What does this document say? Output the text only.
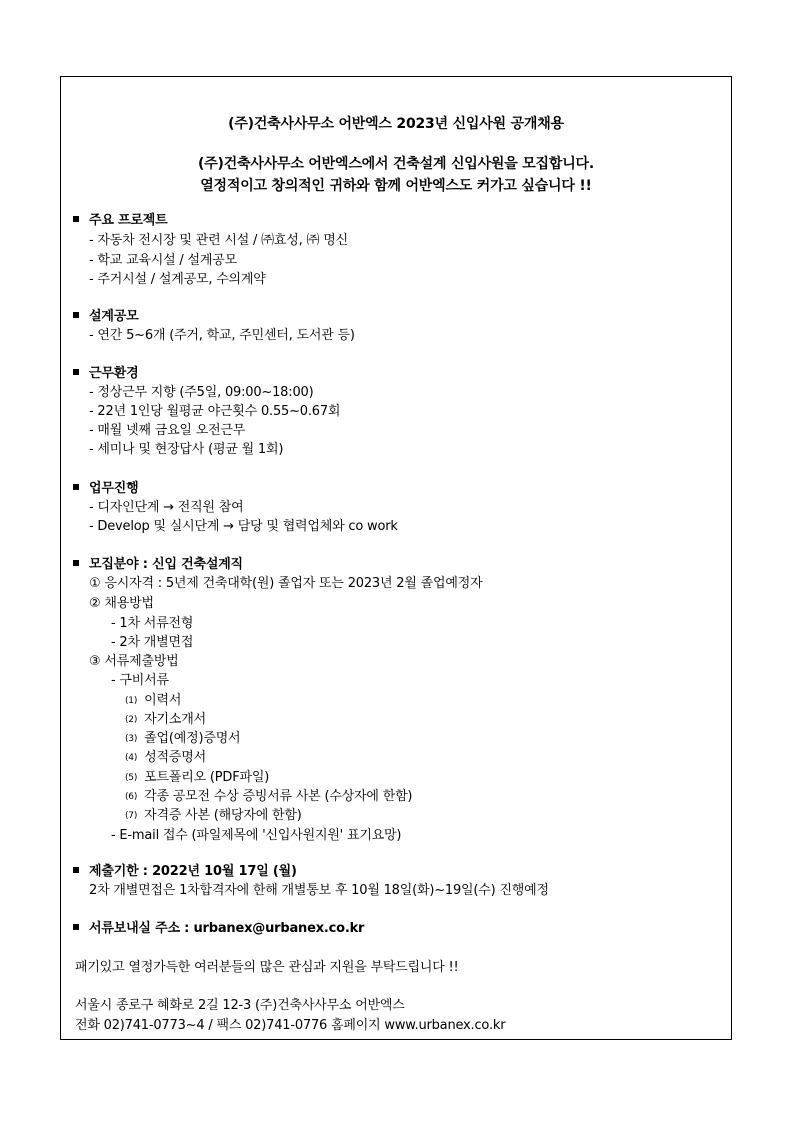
(주)건축사사무소 어반엑스 2023년 신입사원 공개채용
(주)건축사사무소 어반엑스에서 건축설계 신입사원을 모집합니다.
열정적이고 창의적인 귀하와 함께 어반엑스도 커가고 싶습니다 !!
주요 프로젝트
- 자동차 전시장 및 관련 시설 / ㈜효성, ㈜ 명신
- 학교 교육시설 / 설계공모
- 주거시설 / 설계공모, 수의계약
설계공모
- 연간 5~6개 (주거, 학교, 주민센터, 도서관 등)
근무환경
- 정상근무 지향 (주5일, 09:00~18:00)
- 22년 1인당 월평균 야근횟수 0.55~0.67회
- 매월 넷째 금요일 오전근무
- 세미나 및 현장답사 (평균 월 1회)
업무진행
- 디자인단계 → 전직원 참여
- Develop 및 실시단계 → 담당 및 협력업체와 co work
모집분야 : 신입 건축설계직
① 응시자격 : 5년제 건축대학(원) 졸업자 또는 2023년 2월 졸업예정자
② 채용방법
- 1차 서류전형
- 2차 개별면접
③ 서류제출방법
- 구비서류
(1) 이력서
(2) 자기소개서
(3) 졸업(예정)증명서
(4) 성적증명서
(5) 포트폴리오 (PDF파일)
(6) 각종 공모전 수상 증빙서류 사본 (수상자에 한함)
(7) 자격증 사본 (해당자에 한함)
- E-mail 접수 (파일제목에 '신입사원지원' 표기요망)
제출기한 : 2022년 10월 17일 (월)
2차 개별면접은 1차합격자에 한해 개별통보 후 10월 18일(화)~19일(수) 진행예정
서류보내실 주소 : urbanex@urbanex.co.kr
패기있고 열정가득한 여러분들의 많은 관심과 지원을 부탁드립니다 !!
서울시 종로구 혜화로 2길 12-3 (주)건축사사무소 어반엑스
전화 02)741-0773~4 / 팩스 02)741-0776 홈페이지 www.urbanex.co.kr
